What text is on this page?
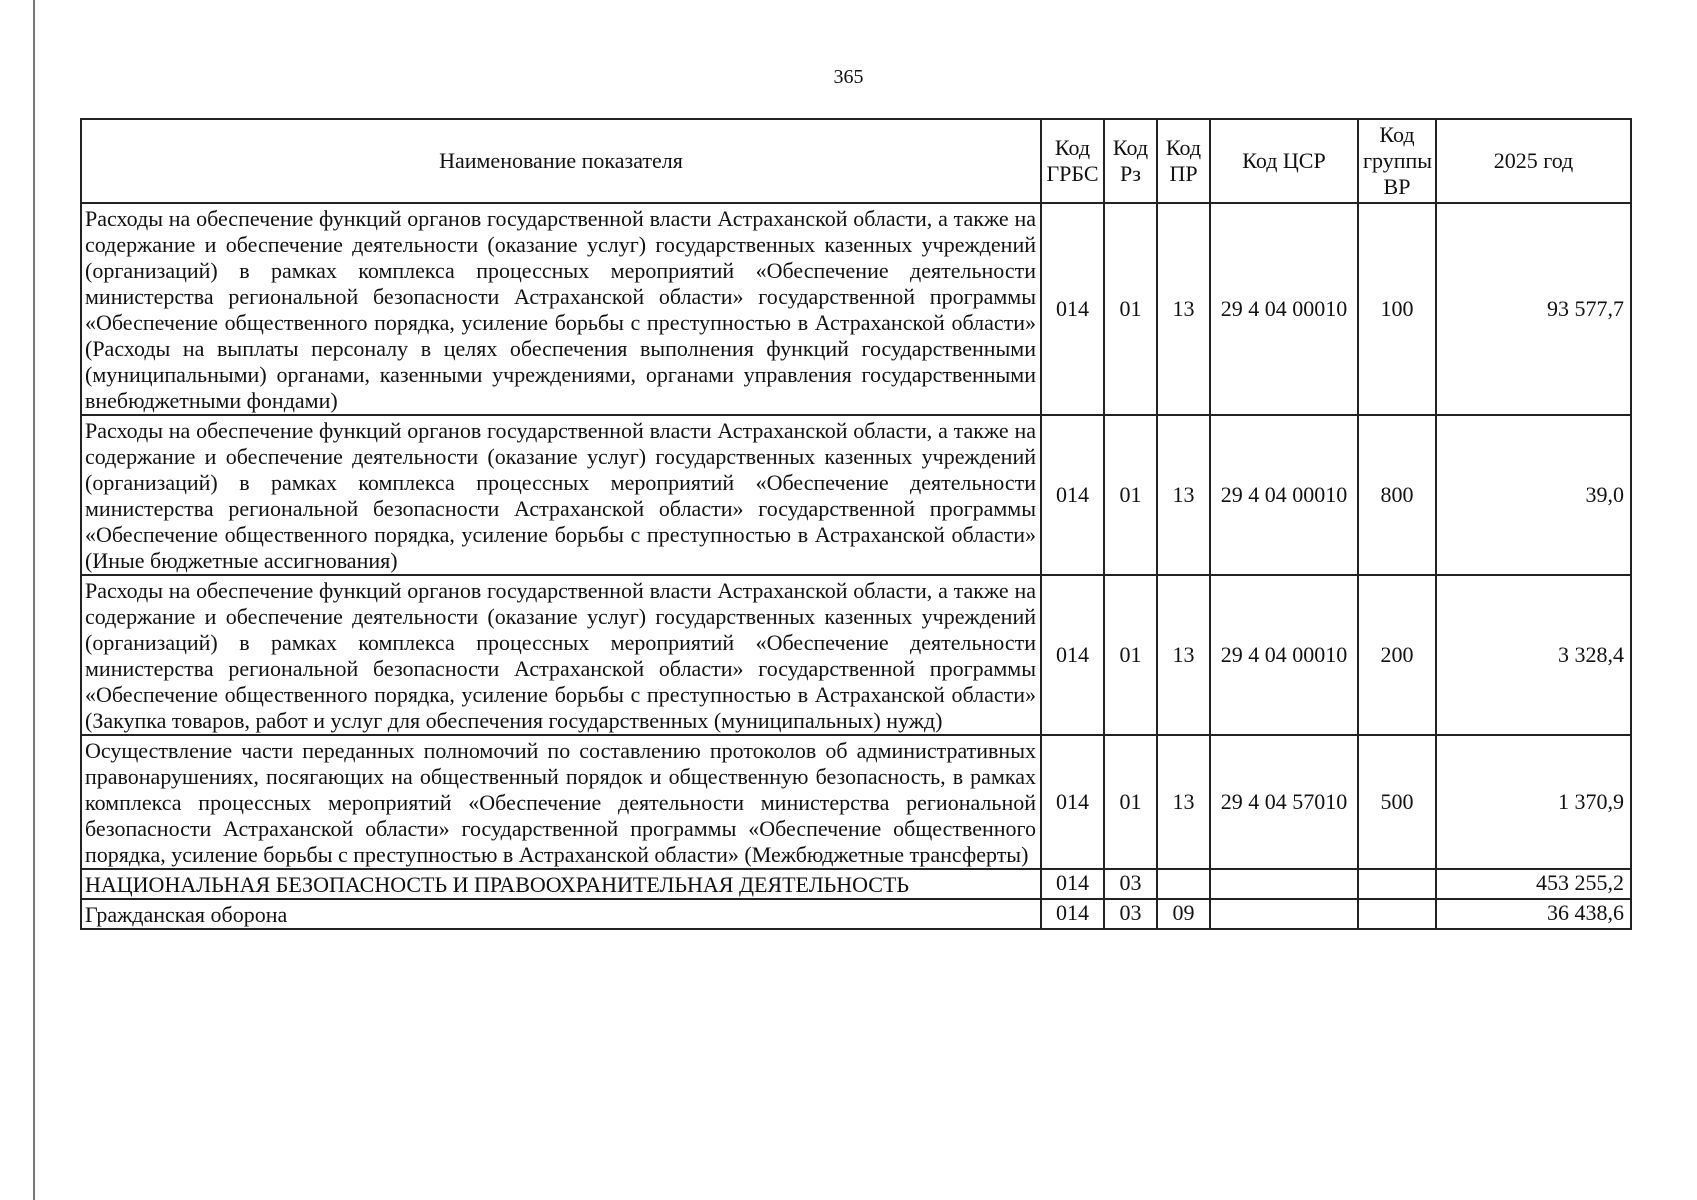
365
Наименование показателя	Код ГРБС	Код Рз	Код ПР	Код ЦСР	Код группы ВР	2025 год
Расходы на обеспечение функций органов государственной власти Астраханской области, а также на содержание и обеспечение деятельности (оказание услуг) государственных казенных учреждений (организаций) в рамках комплекса процессных мероприятий «Обеспечение деятельности министерства региональной безопасности Астраханской области» государственной программы «Обеспечение общественного порядка, усиление борьбы с преступностью в Астраханской области» (Расходы на выплаты персоналу в целях обеспечения выполнения функций государственными (муниципальными) органами, казенными учреждениями, органами управления государственными внебюджетными фондами)	014	01	13	29 4 04 00010	100	93 577,7
Расходы на обеспечение функций органов государственной власти Астраханской области, а также на содержание и обеспечение деятельности (оказание услуг) государственных казенных учреждений (организаций) в рамках комплекса процессных мероприятий «Обеспечение деятельности министерства региональной безопасности Астраханской области» государственной программы «Обеспечение общественного порядка, усиление борьбы с преступностью в Астраханской области» (Иные бюджетные ассигнования)	014	01	13	29 4 04 00010	800	39,0
Расходы на обеспечение функций органов государственной власти Астраханской области, а также на содержание и обеспечение деятельности (оказание услуг) государственных казенных учреждений (организаций) в рамках комплекса процессных мероприятий «Обеспечение деятельности министерства региональной безопасности Астраханской области» государственной программы «Обеспечение общественного порядка, усиление борьбы с преступностью в Астраханской области» (Закупка товаров, работ и услуг для обеспечения государственных (муниципальных) нужд)	014	01	13	29 4 04 00010	200	3 328,4
Осуществление части переданных полномочий по составлению протоколов об административных правонарушениях, посягающих на общественный порядок и общественную безопасность, в рамках комплекса процессных мероприятий «Обеспечение деятельности министерства региональной безопасности Астраханской области» государственной программы «Обеспечение общественного порядка, усиление борьбы с преступностью в Астраханской области» (Межбюджетные трансферты)	014	01	13	29 4 04 57010	500	1 370,9
НАЦИОНАЛЬНАЯ БЕЗОПАСНОСТЬ И ПРАВООХРАНИТЕЛЬНАЯ ДЕЯТЕЛЬНОСТЬ	014	03				453 255,2
Гражданская оборона	014	03	09			36 438,6
